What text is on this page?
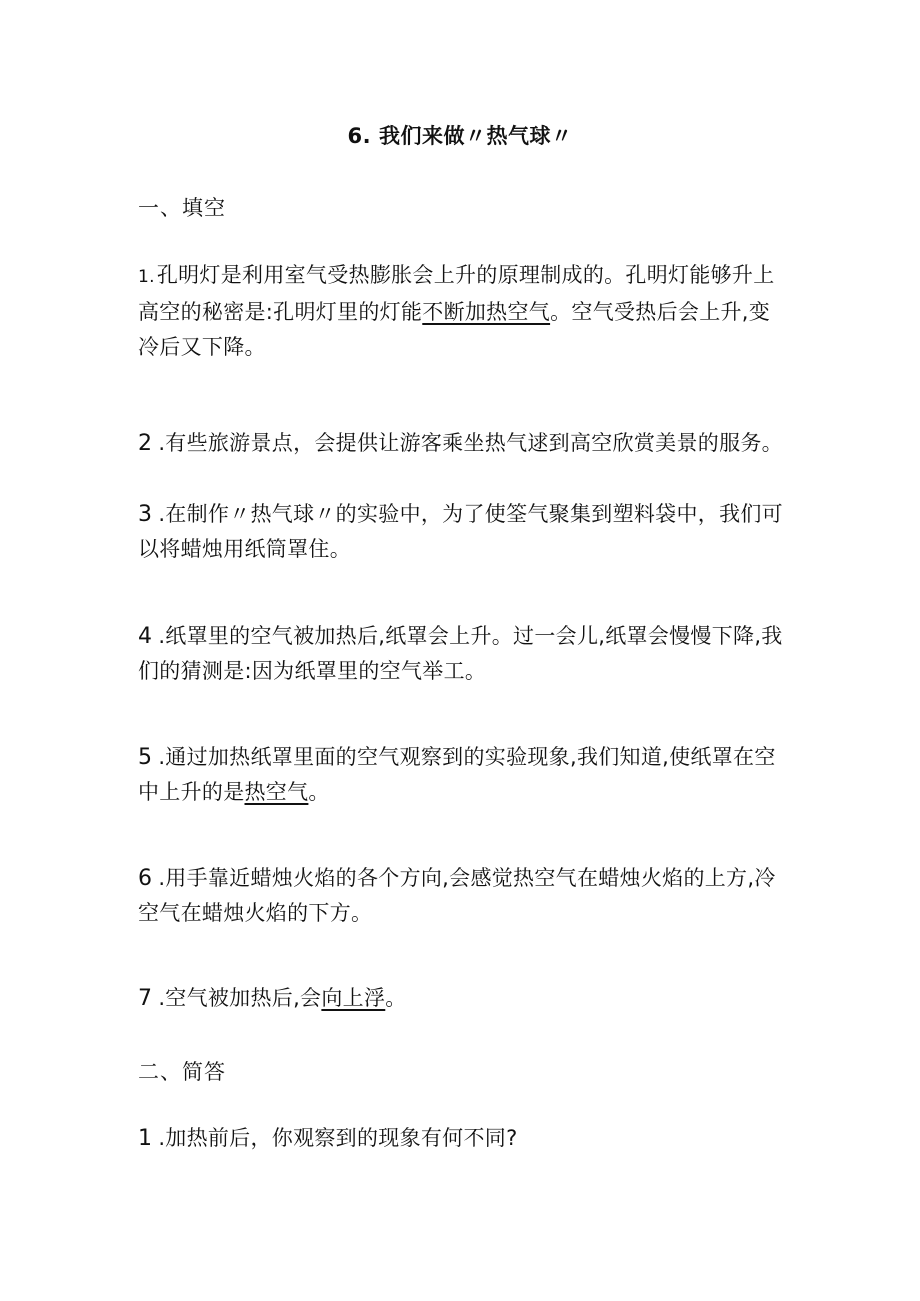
6. 我们来做〃热气球〃
一、填空
1.孔明灯是利用室气受热膨胀会上升的原理制成的。孔明灯能够升上高空的秘密是:孔明灯里的灯能不断加热空气。空气受热后会上升,变冷后又下降。
2 .有些旅游景点，会提供让游客乘坐热气逑到高空欣赏美景的服务。
3 .在制作〃热气球〃的实验中，为了使筌气聚集到塑料袋中，我们可以将蜡烛用纸筒罩住。
4 .纸罩里的空气被加热后,纸罩会上升。过一会儿,纸罩会慢慢下降,我们的猜测是:因为纸罩里的空气举工。
5 .通过加热纸罩里面的空气观察到的实验现象,我们知道,使纸罩在空中上升的是热空气。
6 .用手靠近蜡烛火焰的各个方向,会感觉热空气在蜡烛火焰的上方,冷空气在蜡烛火焰的下方。
7 .空气被加热后,会向上浮。
二、简答
1 .加热前后，你观察到的现象有何不同?
